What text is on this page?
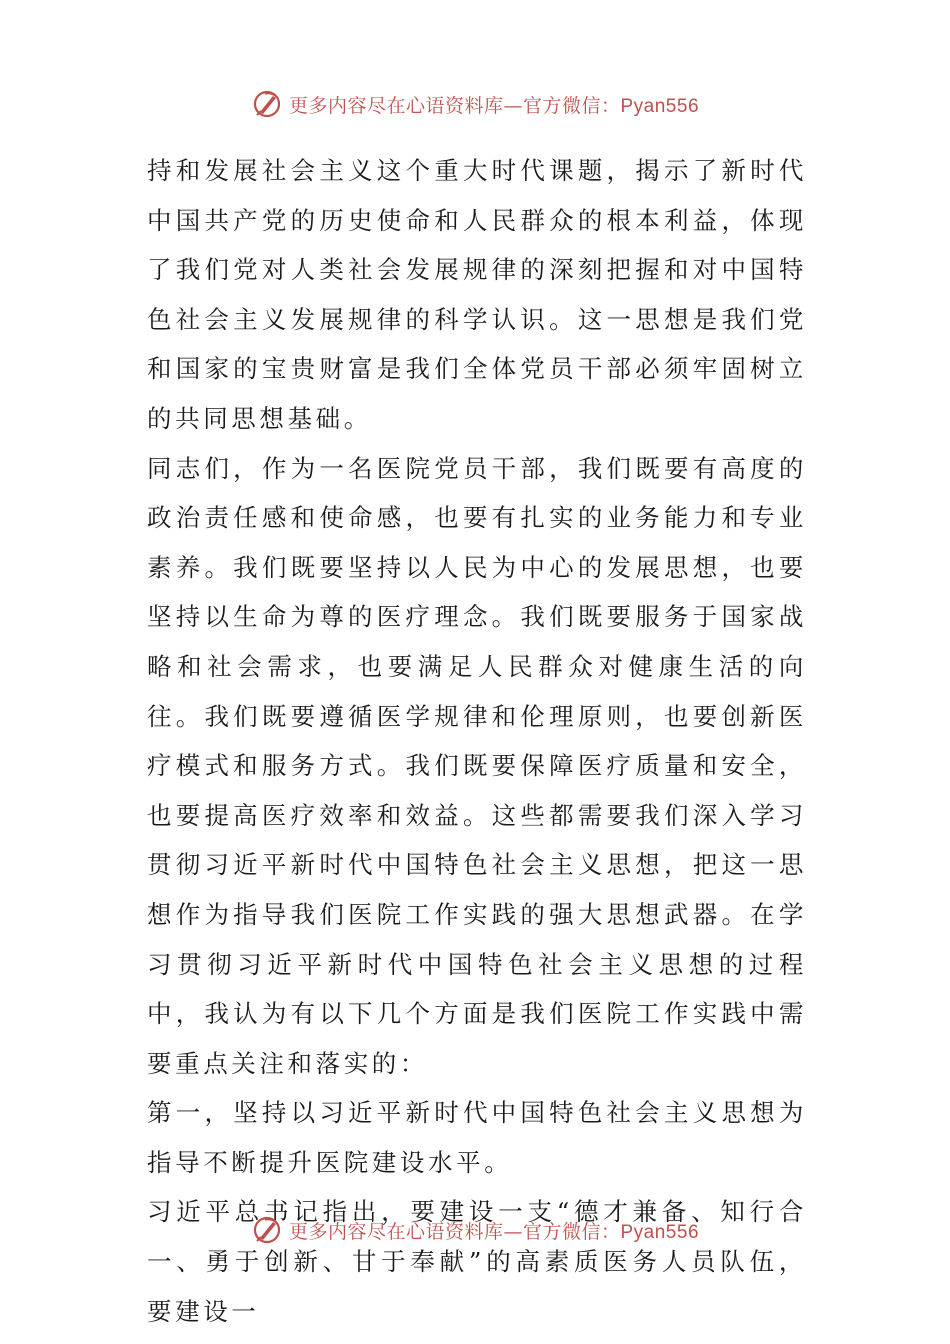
更多内容尽在心语资料库—官方微信：Pyan556

持和发展社会主义这个重大时代课题，揭示了新时代中国共产党的历史使命和人民群众的根本利益，体现了我们党对人类社会发展规律的深刻把握和对中国特色社会主义发展规律的科学认识。这一思想是我们党和国家的宝贵财富是我们全体党员干部必须牢固树立的共同思想基础。

同志们，作为一名医院党员干部，我们既要有高度的政治责任感和使命感，也要有扎实的业务能力和专业素养。我们既要坚持以人民为中心的发展思想，也要坚持以生命为尊的医疗理念。我们既要服务于国家战略和社会需求，也要满足人民群众对健康生活的向往。我们既要遵循医学规律和伦理原则，也要创新医疗模式和服务方式。我们既要保障医疗质量和安全，也要提高医疗效率和效益。这些都需要我们深入学习贯彻习近平新时代中国特色社会主义思想，把这一思想作为指导我们医院工作实践的强大思想武器。在学习贯彻习近平新时代中国特色社会主义思想的过程中，我认为有以下几个方面是我们医院工作实践中需要重点关注和落实的：

第一，坚持以习近平新时代中国特色社会主义思想为指导不断提升医院建设水平。

习近平总书记指出，要建设一支“德才兼备、知行合一、勇于创新、甘于奉献”的高素质医务人员队伍，要建设一

更多内容尽在心语资料库—官方微信：Pyan556
